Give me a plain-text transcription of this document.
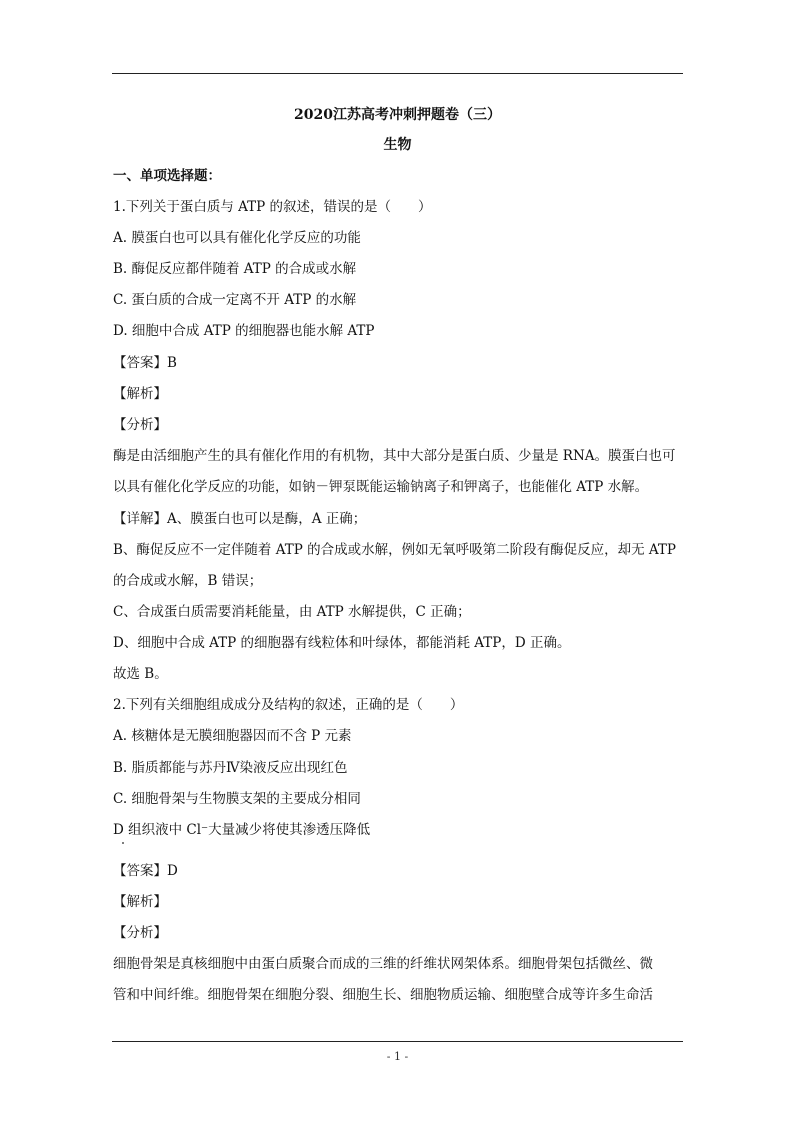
2020江苏高考冲刺押题卷（三）
生物
一、单项选择题：
1.下列关于蛋白质与 ATP 的叙述，错误的是（　　）
A. 膜蛋白也可以具有催化化学反应的功能
B. 酶促反应都伴随着 ATP 的合成或水解
C. 蛋白质的合成一定离不开 ATP 的水解
D. 细胞中合成 ATP 的细胞器也能水解 ATP
【答案】B
【解析】
【分析】
酶是由活细胞产生的具有催化作用的有机物，其中大部分是蛋白质、少量是 RNA。膜蛋白也可
以具有催化化学反应的功能，如钠－钾泵既能运输钠离子和钾离子，也能催化 ATP 水解。
【详解】A、膜蛋白也可以是酶，A 正确；
B、酶促反应不一定伴随着 ATP 的合成或水解，例如无氧呼吸第二阶段有酶促反应，却无 ATP
的合成或水解，B 错误；
C、合成蛋白质需要消耗能量，由 ATP 水解提供，C 正确；
D、细胞中合成 ATP 的细胞器有线粒体和叶绿体，都能消耗 ATP，D 正确。
故选 B。
2.下列有关细胞组成成分及结构的叙述，正确的是（　　）
A. 核糖体是无膜细胞器因而不含 P 元素
B. 脂质都能与苏丹Ⅳ染液反应出现红色
C. 细胞骨架与生物膜支架的主要成分相同
D 组织液中 Cl⁻大量减少将使其渗透压降低
【答案】D
【解析】
【分析】
细胞骨架是真核细胞中由蛋白质聚合而成的三维的纤维状网架体系。细胞骨架包括微丝、微
管和中间纤维。细胞骨架在细胞分裂、细胞生长、细胞物质运输、细胞壁合成等许多生命活
- 1 -
